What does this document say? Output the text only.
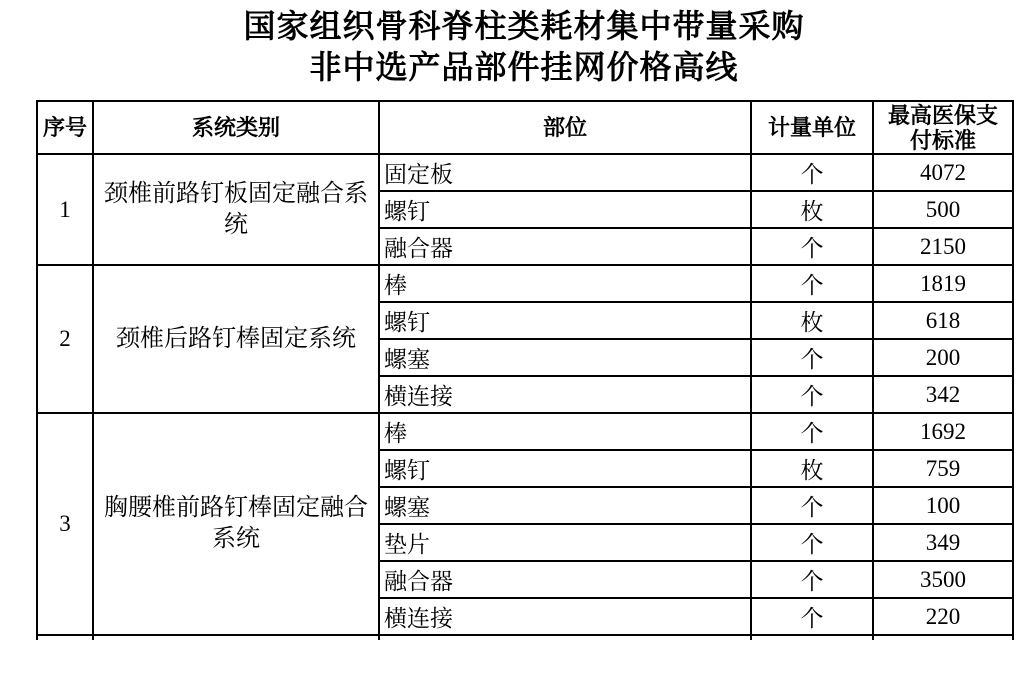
国家组织骨科脊柱类耗材集中带量采购
非中选产品部件挂网价格高线
序号	系统类别	部位	计量单位	最高医保支付标准
1	颈椎前路钉板固定融合系统	固定板	个	4072
		螺钉	枚	500
		融合器	个	2150
2	颈椎后路钉棒固定系统	棒	个	1819
		螺钉	枚	618
		螺塞	个	200
		横连接	个	342
3	胸腰椎前路钉棒固定融合系统	棒	个	1692
		螺钉	枚	759
		螺塞	个	100
		垫片	个	349
		融合器	个	3500
		横连接	个	220
